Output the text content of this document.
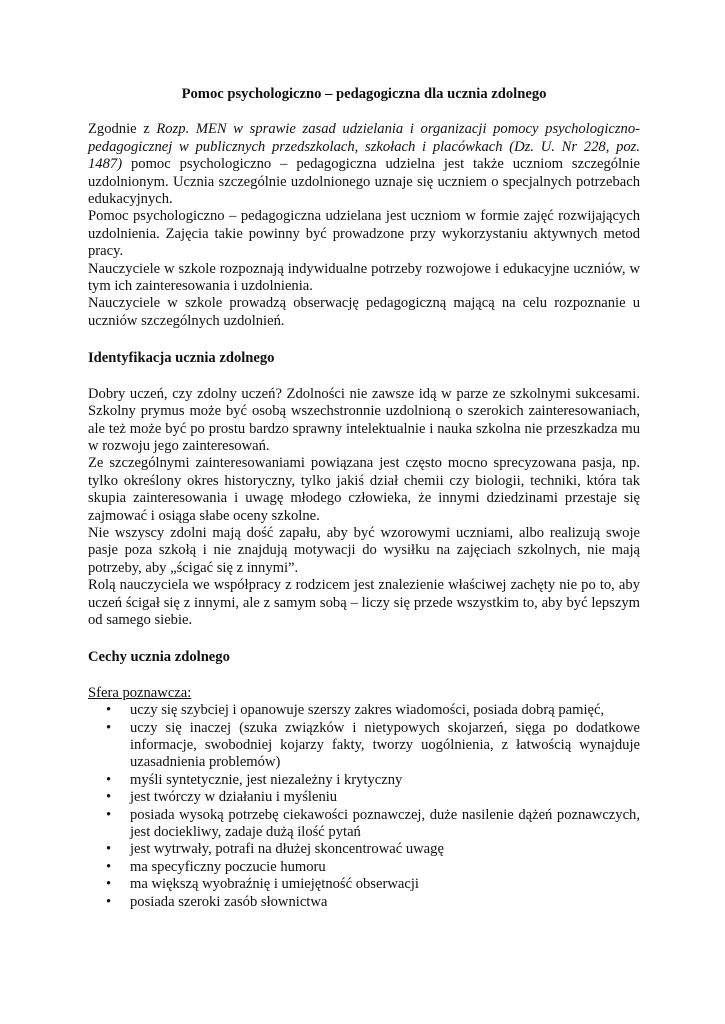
Pomoc psychologiczno – pedagogiczna dla ucznia zdolnego

Zgodnie z Rozp. MEN w sprawie zasad udzielania i organizacji pomocy psychologiczno-pedagogicznej w publicznych przedszkolach, szkołach i placówkach (Dz. U. Nr 228, poz. 1487) pomoc psychologiczno – pedagogiczna udzielna jest także uczniom szczególnie uzdolnionym. Ucznia szczególnie uzdolnionego uznaje się uczniem o specjalnych potrzebach edukacyjnych.

Pomoc psychologiczno – pedagogiczna udzielana jest uczniom w formie zajęć rozwijających uzdolnienia. Zajęcia takie powinny być prowadzone przy wykorzystaniu aktywnych metod pracy.

Nauczyciele w szkole rozpoznają indywidualne potrzeby rozwojowe i edukacyjne uczniów, w tym ich zainteresowania i uzdolnienia.

Nauczyciele w szkole prowadzą obserwację pedagogiczną mającą na celu rozpoznanie u uczniów szczególnych uzdolnień.

Identyfikacja ucznia zdolnego

Dobry uczeń, czy zdolny uczeń? Zdolności nie zawsze idą w parze ze szkolnymi sukcesami. Szkolny prymus może być osobą wszechstronnie uzdolnioną o szerokich zainteresowaniach, ale też może być po prostu bardzo sprawny intelektualnie i nauka szkolna nie przeszkadza mu w rozwoju jego zainteresowań.

Ze szczególnymi zainteresowaniami powiązana jest często mocno sprecyzowana pasja, np. tylko określony okres historyczny, tylko jakiś dział chemii czy biologii, techniki, która tak skupia zainteresowania i uwagę młodego człowieka, że innymi dziedzinami przestaje się zajmować i osiąga słabe oceny szkolne.

Nie wszyscy zdolni mają dość zapału, aby być wzorowymi uczniami, albo realizują swoje pasje poza szkołą i nie znajdują motywacji do wysiłku na zajęciach szkolnych, nie mają potrzeby, aby „ścigać się z innymi”.

Rolą nauczyciela we współpracy z rodzicem jest znalezienie właściwej zachęty nie po to, aby uczeń ścigał się z innymi, ale z samym sobą – liczy się przede wszystkim to, aby być lepszym od samego siebie.

Cechy ucznia zdolnego

Sfera poznawcza:

• uczy się szybciej i opanowuje szerszy zakres wiadomości, posiada dobrą pamięć,
• uczy się inaczej (szuka związków i nietypowych skojarzeń, sięga po dodatkowe informacje, swobodniej kojarzy fakty, tworzy uogólnienia, z łatwością wynajduje uzasadnienia problemów)
• myśli syntetycznie, jest niezależny i krytyczny
• jest twórczy w działaniu i myśleniu
• posiada wysoką potrzebę ciekawości poznawczej, duże nasilenie dążeń poznawczych, jest dociekliwy, zadaje dużą ilość pytań
• jest wytrwały, potrafi na dłużej skoncentrować uwagę
• ma specyficzny poczucie humoru
• ma większą wyobraźnię i umiejętność obserwacji
• posiada szeroki zasób słownictwa
